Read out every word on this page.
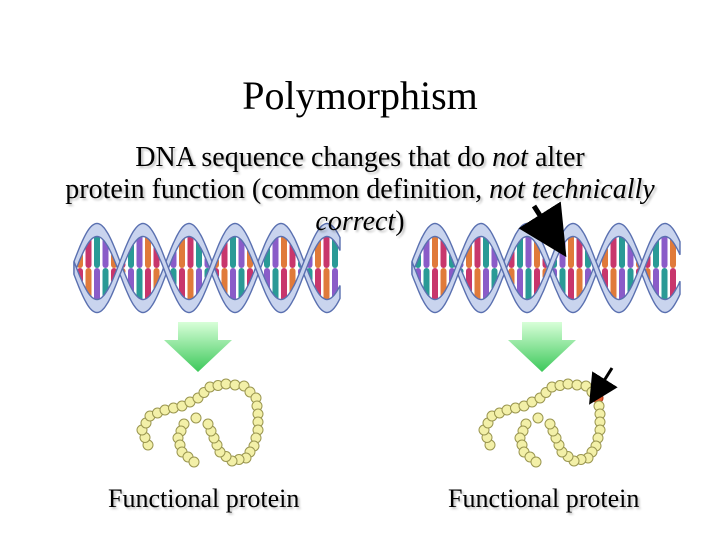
Polymorphism
DNA sequence changes that do not alter
protein function (common definition, not technically
correct)
Functional protein	Functional protein
